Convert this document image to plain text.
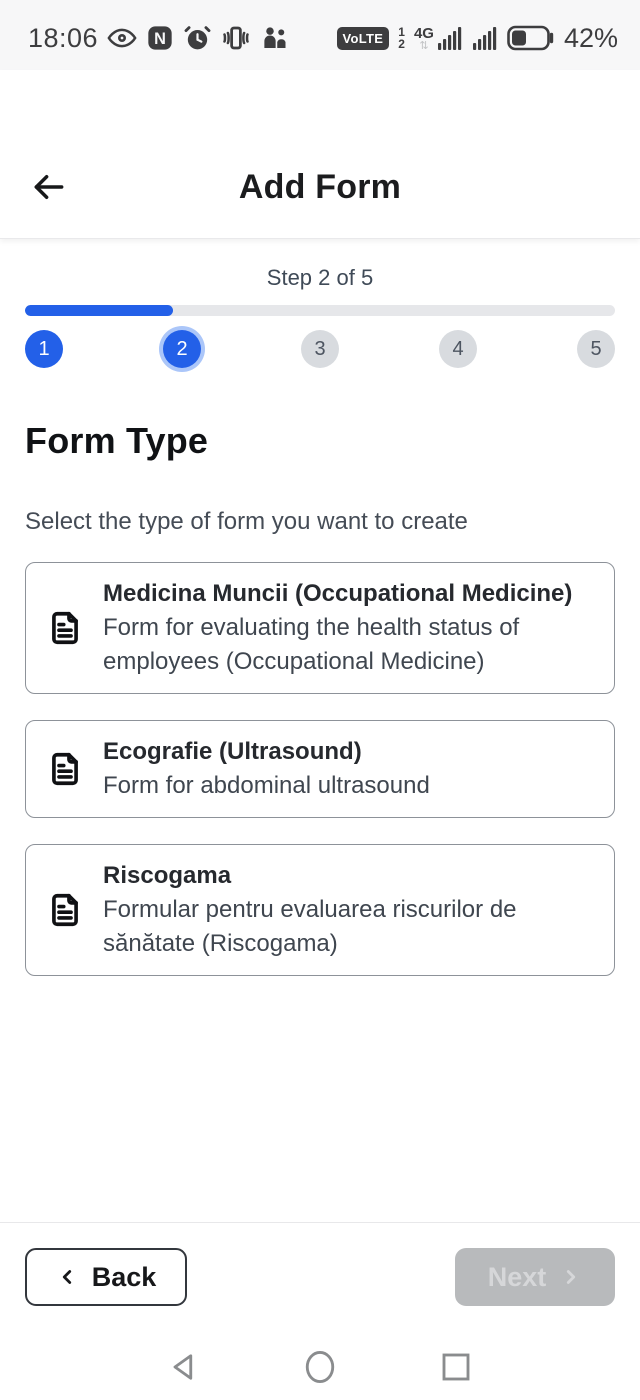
18:06	N	VoLTE	1
2
4G
⇅	42%
Add Form
Step 2 of 5
1	2	3	4	5
Form Type
Select the type of form you want to create
Medicina Muncii (Occupational Medicine)
Form for evaluating the health status of employees (Occupational Medicine)
Ecografie (Ultrasound)
Form for abdominal ultrasound
Riscogama
Formular pentru evaluarea riscurilor de sănătate (Riscogama)
Back	Next
